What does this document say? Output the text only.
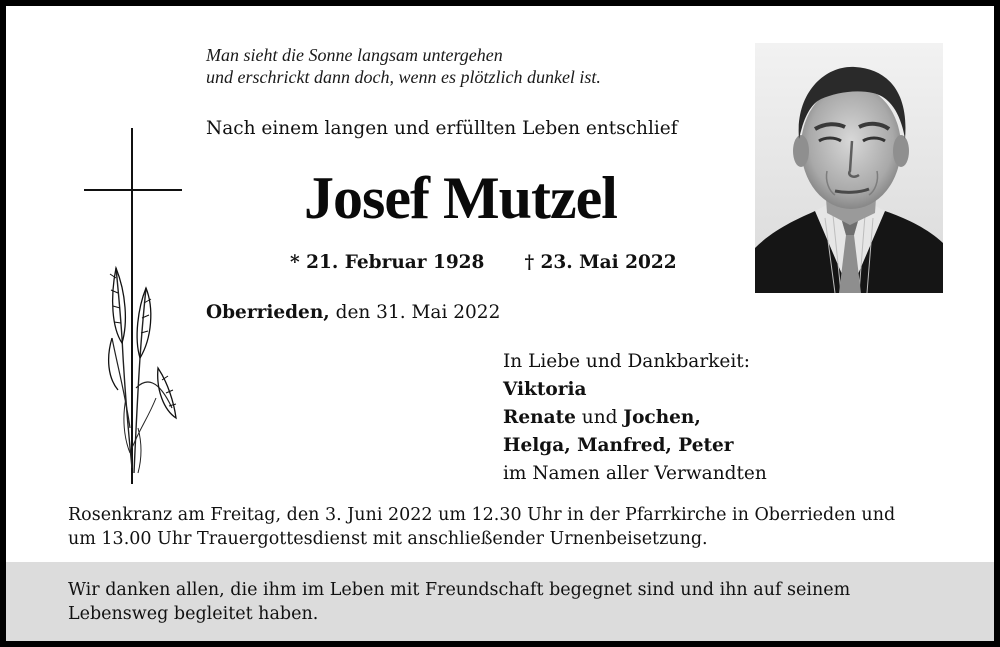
Man sieht die Sonne langsam untergehen
und erschrickt dann doch, wenn es plötzlich dunkel ist.
Nach einem langen und erfüllten Leben entschlief
Josef Mutzel
* 21. Februar 1928 † 23. Mai 2022
Oberrieden, den 31. Mai 2022
In Liebe und Dankbarkeit:
Viktoria
Renate und Jochen,
Helga, Manfred, Peter
im Namen aller Verwandten
Rosenkranz am Freitag, den 3. Juni 2022 um 12.30 Uhr in der Pfarrkirche in Oberrieden und
um 13.00 Uhr Trauergottesdienst mit anschließender Urnenbeisetzung.
Wir danken allen, die ihm im Leben mit Freundschaft begegnet sind und ihn auf seinem
Lebensweg begleitet haben.
